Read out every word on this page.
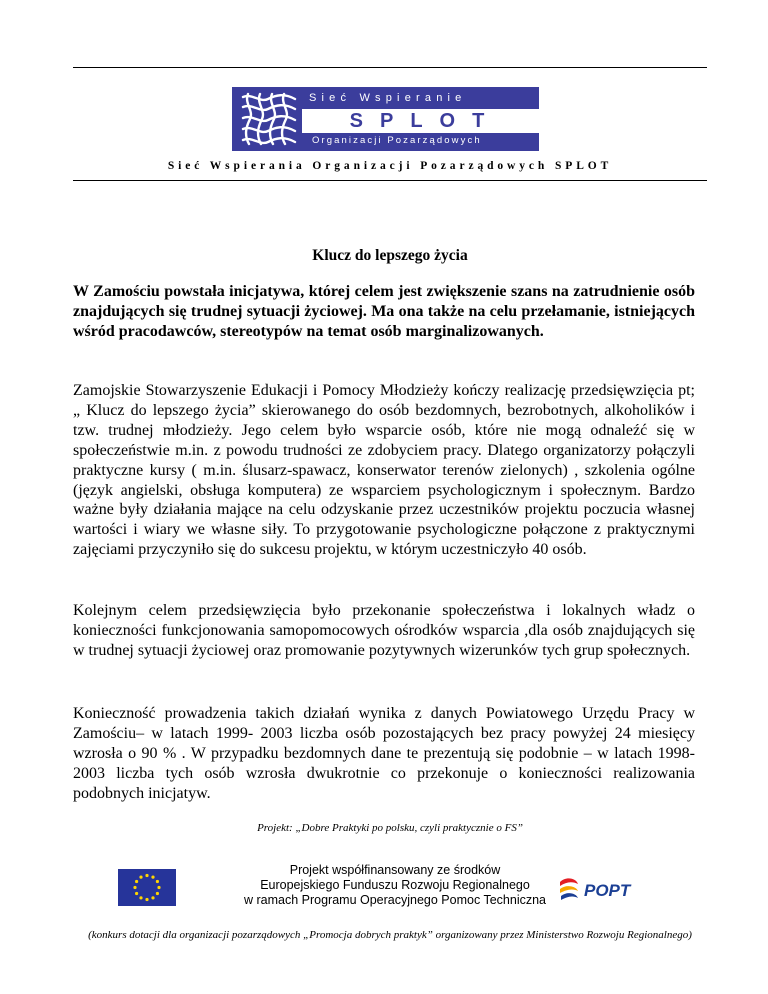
Sieć Wspieranie
SPLOT
Organizacji Pozarządowych
Sieć Wspierania Organizacji Pozarządowych SPLOT
Klucz do lepszego życia

W Zamościu powstała inicjatywa, której celem jest zwiększenie szans na zatrudnienie osób znajdujących się trudnej sytuacji życiowej. Ma ona także na celu przełamanie, istniejących wśród pracodawców, stereotypów na temat osób marginalizowanych.

Zamojskie Stowarzyszenie Edukacji i Pomocy Młodzieży kończy realizację przedsięwzięcia pt; „ Klucz do lepszego życia” skierowanego do osób bezdomnych, bezrobotnych, alkoholików i tzw. trudnej młodzieży. Jego celem było wsparcie osób, które nie mogą odnaleźć się w społeczeństwie m.in. z powodu trudności ze zdobyciem pracy. Dlatego organizatorzy połączyli praktyczne kursy ( m.in. ślusarz-spawacz, konserwator terenów zielonych) , szkolenia ogólne (język angielski, obsługa komputera) ze wsparciem psychologicznym i społecznym. Bardzo ważne były działania mające na celu odzyskanie przez uczestników projektu poczucia własnej wartości i wiary we własne siły. To przygotowanie psychologiczne połączone z praktycznymi zajęciami przyczyniło się do sukcesu projektu, w którym uczestniczyło 40 osób.

Kolejnym celem przedsięwzięcia było przekonanie społeczeństwa i lokalnych władz o konieczności funkcjonowania samopomocowych ośrodków wsparcia ,dla osób znajdujących się w trudnej sytuacji życiowej oraz promowanie pozytywnych wizerunków tych grup społecznych.

Konieczność prowadzenia takich działań wynika z danych Powiatowego Urzędu Pracy w Zamościu– w latach 1999- 2003 liczba osób pozostających bez pracy powyżej 24 miesięcy wzrosła o 90 % . W przypadku bezdomnych dane te prezentują się podobnie – w latach 1998- 2003 liczba tych osób wzrosła dwukrotnie co przekonuje o konieczności realizowania podobnych inicjatyw.

Projekt: „Dobre Praktyki po polsku, czyli praktycznie o FS”
Projekt współfinansowany ze środków
Europejskiego Funduszu Rozwoju Regionalnego
w ramach Programu Operacyjnego Pomoc Techniczna	POPT
(konkurs dotacji dla organizacji pozarządowych „Promocja dobrych praktyk” organizowany przez Ministerstwo Rozwoju Regionalnego)
